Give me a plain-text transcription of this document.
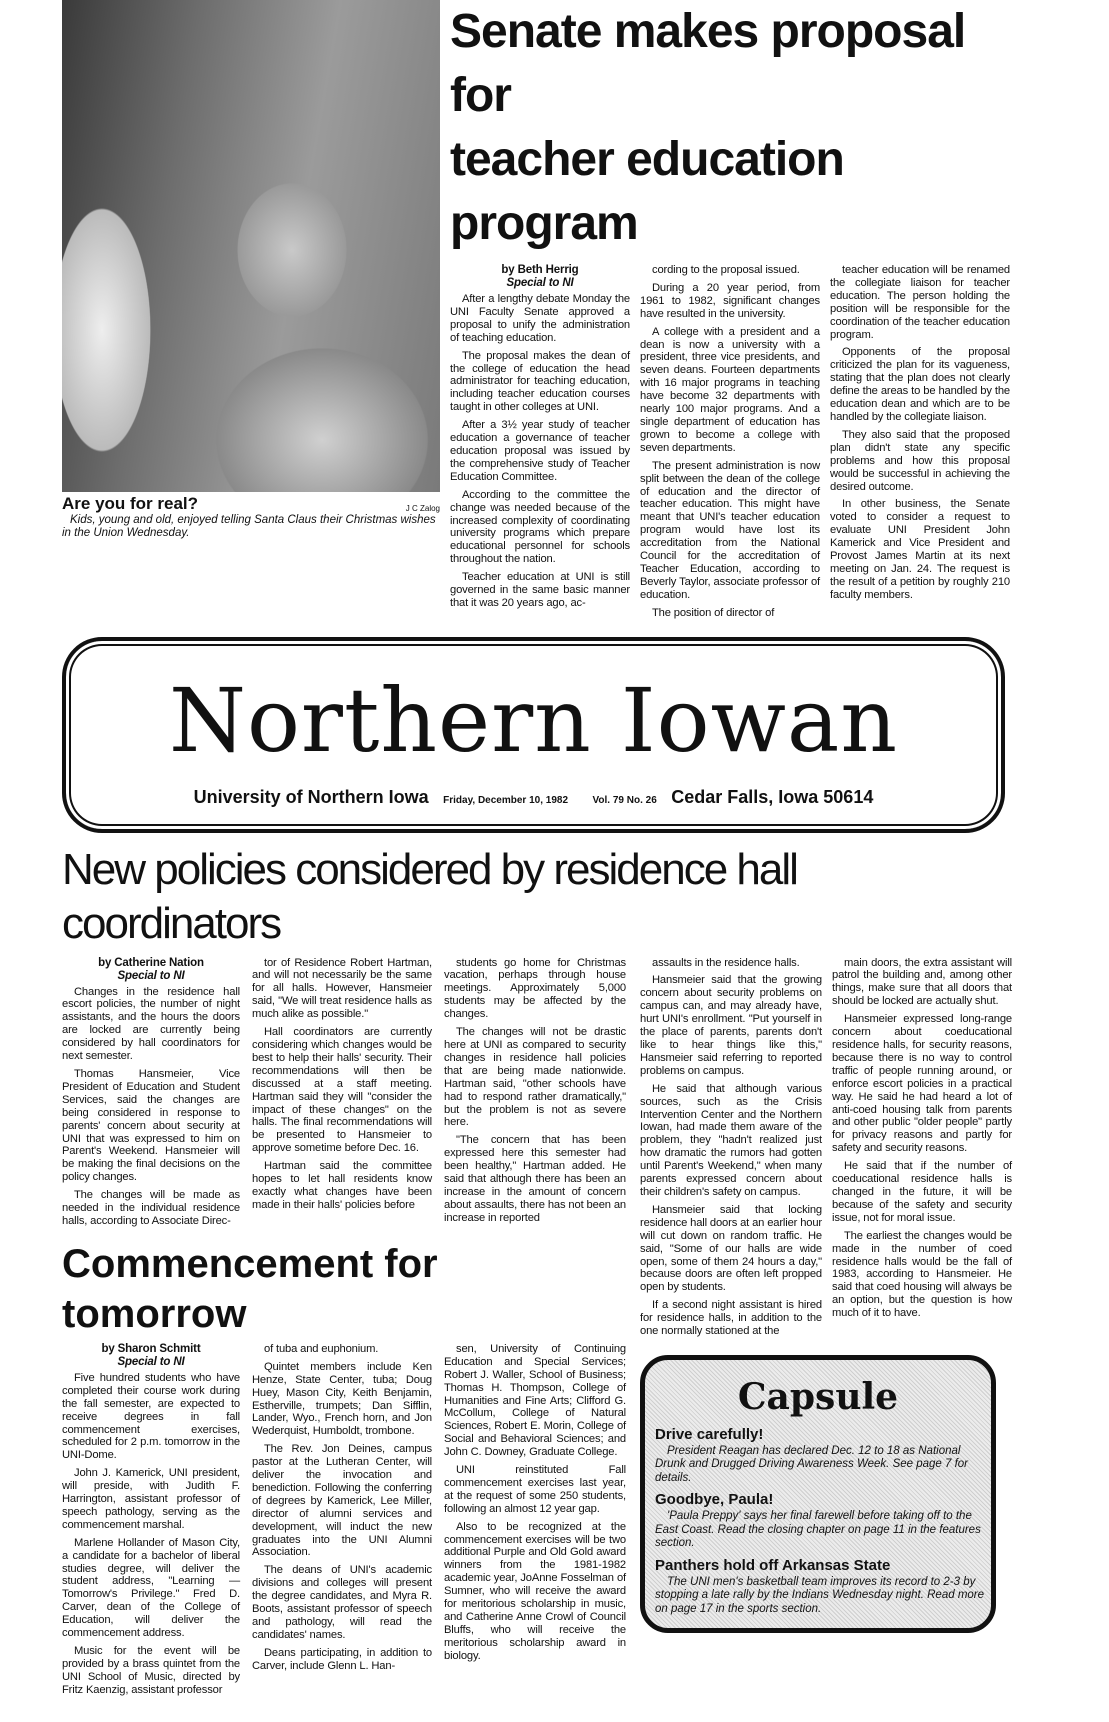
Are you for real?	J C Zalog
Kids, young and old, enjoyed telling Santa Claus their Christmas wishes in the Union Wednesday.
Senate makes proposal for
teacher education program
by Beth Herrig
Special to NI

After a lengthy debate Monday the UNI Faculty Senate approved a proposal to unify the administration of teaching education.

The proposal makes the dean of the college of education the head administrator for teaching education, including teacher education courses taught in other colleges at UNI.

After a 3½ year study of teacher education a governance of teacher education proposal was issued by the comprehensive study of Teacher Education Committee.

According to the committee the change was needed because of the increased complexity of coordinating university programs which prepare educational personnel for schools throughout the nation.

Teacher education at UNI is still governed in the same basic manner that it was 20 years ago, ac-

cording to the proposal issued.

During a 20 year period, from 1961 to 1982, significant changes have resulted in the university.

A college with a president and a dean is now a university with a president, three vice presidents, and seven deans. Fourteen departments with 16 major programs in teaching have become 32 departments with nearly 100 major programs. And a single department of education has grown to become a college with seven departments.

The present administration is now split between the dean of the college of education and the director of teacher education. This might have meant that UNI's teacher education program would have lost its accreditation from the National Council for the accreditation of Teacher Education, according to Beverly Taylor, associate professor of education.

The position of director of

teacher education will be renamed the collegiate liaison for teacher education. The person holding the position will be responsible for the coordination of the teacher education program.

Opponents of the proposal criticized the plan for its vagueness, stating that the plan does not clearly define the areas to be handled by the education dean and which are to be handled by the collegiate liaison.

They also said that the proposed plan didn't state any specific problems and how this proposal would be successful in achieving the desired outcome.

In other business, the Senate voted to consider a request to evaluate UNI President John Kamerick and Vice President and Provost James Martin at its next meeting on Jan. 24. The request is the result of a petition by roughly 210 faculty members.

Northern Iowan
University of Northern Iowa Friday, December 10, 1982 Vol. 79 No. 26 Cedar Falls, Iowa 50614
New policies considered by residence hall coordinators
by Catherine Nation
Special to NI

Changes in the residence hall escort policies, the number of night assistants, and the hours the doors are locked are currently being considered by hall coordinators for next semester.

Thomas Hansmeier, Vice President of Education and Student Services, said the changes are being considered in response to parents' concern about security at UNI that was expressed to him on Parent's Weekend. Hansmeier will be making the final decisions on the policy changes.

The changes will be made as needed in the individual residence halls, according to Associate Direc-

tor of Residence Robert Hartman, and will not necessarily be the same for all halls. However, Hansmeier said, "We will treat residence halls as much alike as possible."

Hall coordinators are currently considering which changes would be best to help their halls' security. Their recommendations will then be discussed at a staff meeting. Hartman said they will "consider the impact of these changes" on the halls. The final recommendations will be presented to Hansmeier to approve sometime before Dec. 16.

Hartman said the committee hopes to let hall residents know exactly what changes have been made in their halls' policies before

students go home for Christmas vacation, perhaps through house meetings. Approximately 5,000 students may be affected by the changes.

The changes will not be drastic here at UNI as compared to security changes in residence hall policies that are being made nationwide. Hartman said, "other schools have had to respond rather dramatically," but the problem is not as severe here.

"The concern that has been expressed here this semester had been healthy," Hartman added. He said that although there has been an increase in the amount of concern about assaults, there has not been an increase in reported

Commencement for tomorrow
by Sharon Schmitt
Special to NI

Five hundred students who have completed their course work during the fall semester, are expected to receive degrees in fall commencement exercises, scheduled for 2 p.m. tomorrow in the UNI-Dome.

John J. Kamerick, UNI president, will preside, with Judith F. Harrington, assistant professor of speech pathology, serving as the commencement marshal.

Marlene Hollander of Mason City, a candidate for a bachelor of liberal studies degree, will deliver the student address, "Learning — Tomorrow's Privilege." Fred D. Carver, dean of the College of Education, will deliver the commencement address.

Music for the event will be provided by a brass quintet from the UNI School of Music, directed by Fritz Kaenzig, assistant professor

of tuba and euphonium.

Quintet members include Ken Henze, State Center, tuba; Doug Huey, Mason City, Keith Benjamin, Estherville, trumpets; Dan Sifflin, Lander, Wyo., French horn, and Jon Wederquist, Humboldt, trombone.

The Rev. Jon Deines, campus pastor at the Lutheran Center, will deliver the invocation and benediction. Following the conferring of degrees by Kamerick, Lee Miller, director of alumni services and development, will induct the new graduates into the UNI Alumni Association.

The deans of UNI's academic divisions and colleges will present the degree candidates, and Myra R. Boots, assistant professor of speech and pathology, will read the candidates' names.

Deans participating, in addition to Carver, include Glenn L. Han-

sen, University of Continuing Education and Special Services; Robert J. Waller, School of Business; Thomas H. Thompson, College of Humanities and Fine Arts; Clifford G. McCollum, College of Natural Sciences, Robert E. Morin, College of Social and Behavioral Sciences; and John C. Downey, Graduate College.

UNI reinstituted Fall commencement exercises last year, at the request of some 250 students, following an almost 12 year gap.

Also to be recognized at the commencement exercises will be two additional Purple and Old Gold award winners from the 1981-1982 academic year, JoAnne Fosselman of Sumner, who will receive the award for meritorious scholarship in music, and Catherine Anne Crowl of Council Bluffs, who will receive the meritorious scholarship award in biology.

assaults in the residence halls.

Hansmeier said that the growing concern about security problems on campus can, and may already have, hurt UNI's enrollment. "Put yourself in the place of parents, parents don't like to hear things like this," Hansmeier said referring to reported problems on campus.

He said that although various sources, such as the Crisis Intervention Center and the Northern Iowan, had made them aware of the problem, they "hadn't realized just how dramatic the rumors had gotten until Parent's Weekend," when many parents expressed concern about their children's safety on campus.

Hansmeier said that locking residence hall doors at an earlier hour will cut down on random traffic. He said, "Some of our halls are wide open, some of them 24 hours a day," because doors are often left propped open by students.

If a second night assistant is hired for residence halls, in addition to the one normally stationed at the

main doors, the extra assistant will patrol the building and, among other things, make sure that all doors that should be locked are actually shut.

Hansmeier expressed long-range concern about coeducational residence halls, for security reasons, because there is no way to control traffic of people running around, or enforce escort policies in a practical way. He said he had heard a lot of anti-coed housing talk from parents and other public "older people" partly for privacy reasons and partly for safety and security reasons.

He said that if the number of coeducational residence halls is changed in the future, it will be because of the safety and security issue, not for moral issue.

The earliest the changes would be made in the number of coed residence halls would be the fall of 1983, according to Hansmeier. He said that coed housing will always be an option, but the question is how much of it to have.

Capsule
Drive carefully!

President Reagan has declared Dec. 12 to 18 as National Drunk and Drugged Driving Awareness Week. See page 7 for details.

Goodbye, Paula!

'Paula Preppy' says her final farewell before taking off to the East Coast. Read the closing chapter on page 11 in the features section.

Panthers hold off Arkansas State

The UNI men's basketball team improves its record to 2-3 by stopping a late rally by the Indians Wednesday night. Read more on page 17 in the sports section.
